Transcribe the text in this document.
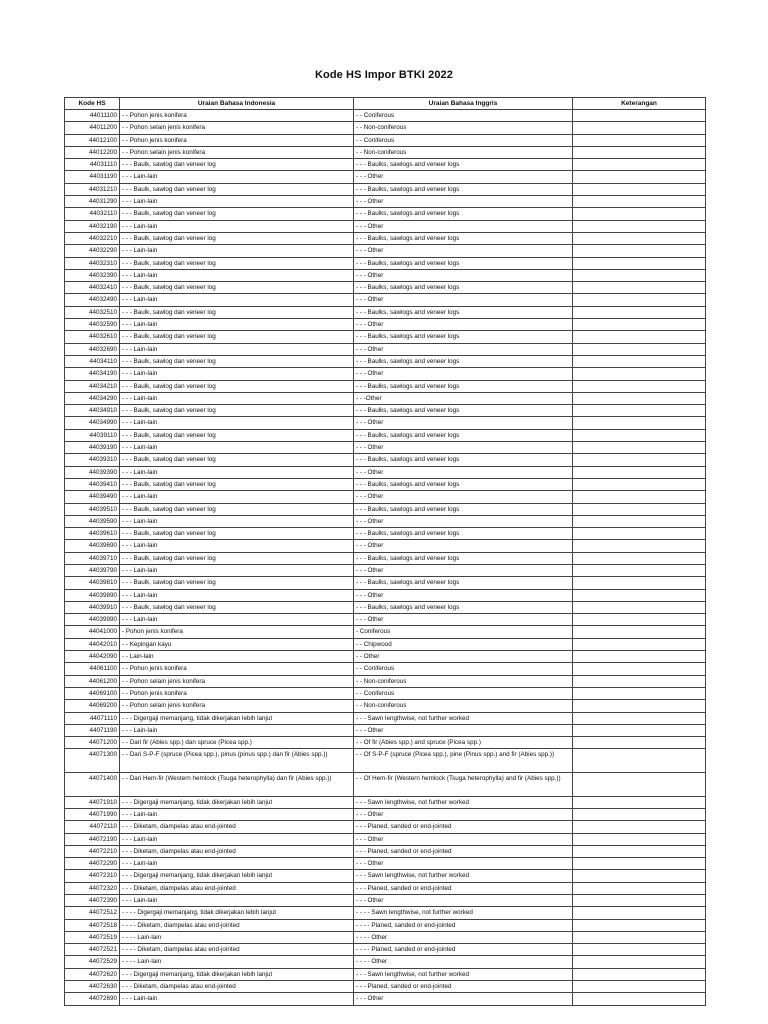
Kode HS Impor BTKI 2022
Kode HS	Uraian Bahasa Indonesia	Uraian Bahasa Inggris	Keterangan
44011100	- - Pohon jenis konifera	- - Coniferous	
44011200	- - Pohon selain jenis konifera	- - Non-coniferous	
44012100	- - Pohon jenis konifera	- - Coniferous	
44012200	- - Pohon selain jenis konifera	- - Non-coniferous	
44031110	- - - Baulk, sawlog dan veneer log	- - - Baulks, sawlogs and veneer logs	
44031190	- - - Lain-lain	- - - Other	
44031210	- - - Baulk, sawlog dan veneer log	- - - Baulks, sawlogs and veneer logs	
44031290	- - - Lain-lain	- - - Other	
44032110	- - - Baulk, sawlog dan veneer log	- - - Baulks, sawlogs and veneer logs	
44032190	- - - Lain-lain	- - - Other	
44032210	- - - Baulk, sawlog dan veneer log	- - - Baulks, sawlogs and veneer logs	
44032290	- - - Lain-lain	- - - Other	
44032310	- - - Baulk, sawlog dan veneer log	- - - Baulks, sawlogs and veneer logs	
44032390	- - - Lain-lain	- - - Other	
44032410	- - - Baulk, sawlog dan veneer log	- - - Baulks, sawlogs and veneer logs	
44032490	- - - Lain-lain	- - - Other	
44032510	- - - Baulk, sawlog dan veneer log	- - - Baulks, sawlogs and veneer logs	
44032590	- - - Lain-lain	- - - Other	
44032610	- - - Baulk, sawlog dan veneer log	- - - Baulks, sawlogs and veneer logs	
44032690	- - - Lain-lain	- - - Other	
44034110	- - - Baulk, sawlog dan veneer log	- - - Baulks, sawlogs and veneer logs	
44034190	- - - Lain-lain	- - - Other	
44034210	- - - Baulk, sawlog dan veneer log	- - - Baulks, sawlogs and veneer logs	
44034290	- - - Lain-lain	- - -Other	
44034910	- - - Baulk, sawlog dan veneer log	- - - Baulks, sawlogs and veneer logs	
44034990	- - - Lain-lain	- - - Other	
44039110	- - - Baulk, sawlog dan veneer log	- - - Baulks, sawlogs and veneer logs	
44039190	- - - Lain-lain	- - - Other	
44039310	- - - Baulk, sawlog dan veneer log	- - - Baulks, sawlogs and veneer logs	
44039390	- - - Lain-lain	- - - Other	
44039410	- - - Baulk, sawlog dan veneer log	- - - Baulks, sawlogs and veneer logs	
44039490	- - - Lain-lain	- - - Other	
44039510	- - - Baulk, sawlog dan veneer log	- - - Baulks, sawlogs and veneer logs	
44039590	- - - Lain-lain	- - - Other	
44039610	- - - Baulk, sawlog dan veneer log	- - - Baulks, sawlogs and veneer logs	
44039690	- - - Lain-lain	- - - Other	
44039710	- - - Baulk, sawlog dan veneer log	- - - Baulks, sawlogs and veneer logs	
44039790	- - - Lain-lain	- - - Other	
44039810	- - - Baulk, sawlog dan veneer log	- - - Baulks, sawlogs and veneer logs	
44039890	- - - Lain-lain	- - - Other	
44039910	- - - Baulk, sawlog dan veneer log	- - - Baulks, sawlogs and veneer logs	
44039990	- - - Lain-lain	- - - Other	
44041000	- Pohon jenis konifera	- Coniferous	
44042010	- - Kepingan kayu	- - Chipwood	
44042090	- - Lain-lain	- - Other	
44061100	- - Pohon jenis konifera	- - Coniferous	
44061200	- - Pohon selain jenis konifera	- - Non-coniferous	
44069100	- - Pohon jenis konifera	- - Coniferous	
44069200	- - Pohon selain jenis konifera	- - Non-coniferous	
44071110	- - - Digergaji memanjang, tidak dikerjakan lebih lanjut	- - - Sawn lengthwise, not further worked	
44071190	- - - Lain-lain	- - - Other	
44071200	- - Dari fir (Abies spp.) dan spruce (Picea spp.)	- - Of fir (Abies spp.) and spruce (Picea spp.)	
44071300	- - Dari S-P-F (spruce (Picea spp.), pinus (pinus spp.) dan fir (Abies spp.))	- - Of S-P-F (spruce (Picea spp.), pine (Pinus spp.) and fir (Abies spp.))	
44071400	- - Dari Hem-fir (Western hemlock (Tsuga heterophylla) dan fir (Abies spp.))	- - Of Hem-fir (Western hemlock (Tsuga heterophylla) and fir (Abies spp.))	
44071910	- - - Digergaji memanjang, tidak dikerjakan lebih lanjut	- - - Sawn lengthwise, not further worked	
44071990	- - - Lain-lain	- - - Other	
44072110	- - - Diketam, diampelas atau end-jointed	- - - Planed, sanded or end-jointed	
44072190	- - - Lain-lain	- - - Other	
44072210	- - - Diketam, diampelas atau end-jointed	- - - Planed, sanded or end-jointed	
44072290	- - - Lain-lain	- - - Other	
44072310	- - - Digergaji memanjang, tidak dikerjakan lebih lanjut	- - - Sawn lengthwise, not further worked	
44072320	- - - Diketam, diampelas atau end-jointed	- - - Planed, sanded or end-jointed	
44072390	- - - Lain-lain	- - - Other	
44072512	- - - - Digergaji memanjang, tidak dikerjakan lebih lanjut	- - - - Sawn lengthwise, not further worked	
44072518	- - - - Diketam, diampelas atau end-jointed	- - - - Planed, sanded or end-jointed	
44072519	- - - - Lain-lain	- - - - Other	
44072521	- - - - Diketam, diampelas atau end-jointed	- - - - Planed, sanded or end-jointed	
44072529	- - - - Lain-lain	- - - - Other	
44072620	- - - Digergaji memanjang, tidak dikerjakan lebih lanjut	- - - Sawn lengthwise, not further worked	
44072630	- - - Diketam, diampelas atau end-jointed	- - - Planed, sanded or end-jointed	
44072690	- - - Lain-lain	- - - Other	
